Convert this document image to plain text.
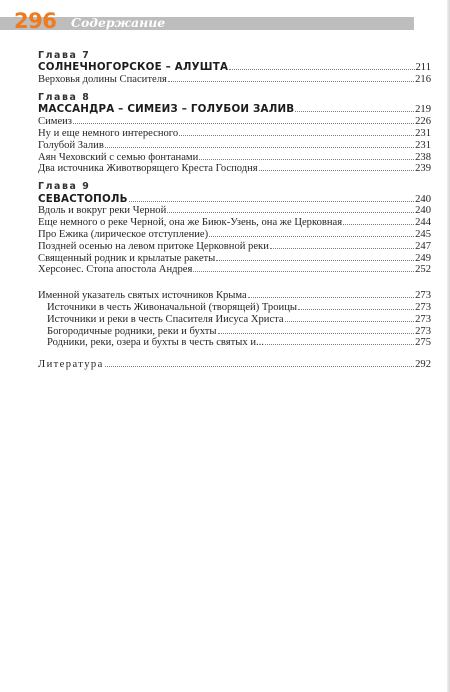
296 Содержание
Глава 7
СОЛНЕЧНОГОРСКОЕ – АЛУШТА	211
Верховья долины Спасителя	216
Глава 8
МАССАНДРА – СИМЕИЗ – ГОЛУБОЙ ЗАЛИВ	219
Симеиз	226
Ну и еще немного интересного	231
Голубой Залив	231
Аян Чеховский с семью фонтанами	238
Два источника Животворящего Креста Господня	239
Глава 9
СЕВАСТОПОЛЬ	240
Вдоль и вокруг реки Черной	240
Еще немного о реке Черной, она же Биюк-Узень, она же Церковная	244
Про Ежика (лирическое отступление)	245
Поздней осенью на левом притоке Церковной реки	247
Священный родник и крылатые ракеты	249
Херсонес. Стопа апостола Андрея	252
Именной указатель святых источников Крыма	273
Источники в честь Живоначальной (творящей) Троицы	273
Источники и реки в честь Спасителя Иисуса Христа	273
Богородичные родники, реки и бухты	273
Родники, реки, озера и бухты в честь святых и...	275
Литература	292
